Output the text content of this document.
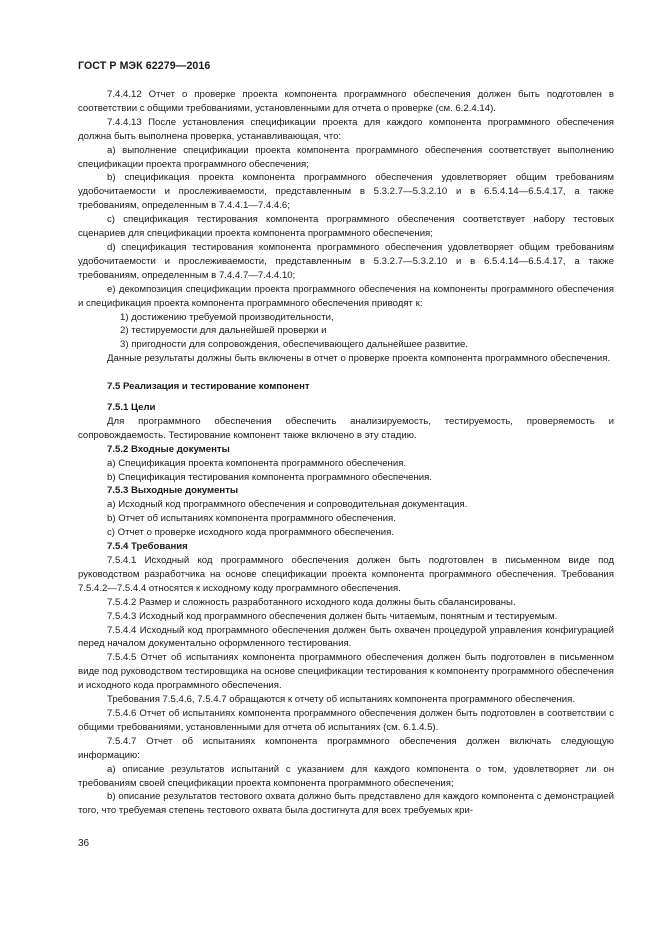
ГОСТ Р МЭК 62279—2016

7.4.4.12 Отчет о проверке проекта компонента программного обеспечения должен быть подготовлен в соответствии с общими требованиями, установленными для отчета о проверке (см. 6.2.4.14).

7.4.4.13 После установления спецификации проекта для каждого компонента программного обеспечения должна быть выполнена проверка, устанавливающая, что:

a) выполнение спецификации проекта компонента программного обеспечения соответствует выполнению спецификации проекта программного обеспечения;

b) спецификация проекта компонента программного обеспечения удовлетворяет общим требованиям удобочитаемости и прослеживаемости, представленным в 5.3.2.7—5.3.2.10 и в 6.5.4.14—6.5.4.17, а также требованиям, определенным в 7.4.4.1—7.4.4.6;

c) спецификация тестирования компонента программного обеспечения соответствует набору тестовых сценариев для спецификации проекта компонента программного обеспечения;

d) спецификация тестирования компонента программного обеспечения удовлетворяет общим требованиям удобочитаемости и прослеживаемости, представленным в 5.3.2.7—5.3.2.10 и в 6.5.4.14—6.5.4.17, а также требованиям, определенным в 7.4.4.7—7.4.4.10;

e) декомпозиция спецификации проекта программного обеспечения на компоненты программного обеспечения и спецификация проекта компонента программного обеспечения приводят к:

1) достижению требуемой производительности,

2) тестируемости для дальнейшей проверки и

3) пригодности для сопровождения, обеспечивающего дальнейшее развитие.

Данные результаты должны быть включены в отчет о проверке проекта компонента программного обеспечения.

7.5 Реализация и тестирование компонент

7.5.1 Цели

Для программного обеспечения обеспечить анализируемость, тестируемость, проверяемость и сопровождаемость. Тестирование компонент также включено в эту стадию.

7.5.2 Входные документы

a) Спецификация проекта компонента программного обеспечения.

b) Спецификация тестирования компонента программного обеспечения.

7.5.3 Выходные документы

a) Исходный код программного обеспечения и сопроводительная документация.

b) Отчет об испытаниях компонента программного обеспечения.

c) Отчет о проверке исходного кода программного обеспечения.

7.5.4 Требования

7.5.4.1 Исходный код программного обеспечения должен быть подготовлен в письменном виде под руководством разработчика на основе спецификации проекта компонента программного обеспечения. Требования 7.5.4.2—7.5.4.4 относятся к исходному коду программного обеспечения.

7.5.4.2 Размер и сложность разработанного исходного кода должны быть сбалансированы.

7.5.4.3 Исходный код программного обеспечения должен быть читаемым, понятным и тестируемым.

7.5.4.4 Исходный код программного обеспечения должен быть охвачен процедурой управления конфигурацией перед началом документально оформленного тестирования.

7.5.4.5 Отчет об испытаниях компонента программного обеспечения должен быть подготовлен в письменном виде под руководством тестировщика на основе спецификации тестирования к компоненту программного обеспечения и исходного кода программного обеспечения.

Требования 7.5.4.6, 7.5.4.7 обращаются к отчету об испытаниях компонента программного обеспечения.

7.5.4.6 Отчет об испытаниях компонента программного обеспечения должен быть подготовлен в соответствии с общими требованиями, установленными для отчета об испытаниях (см. 6.1.4.5).

7.5.4.7 Отчет об испытаниях компонента программного обеспечения должен включать следующую информацию:

a) описание результатов испытаний с указанием для каждого компонента о том, удовлетворяет ли он требованиям своей спецификации проекта компонента программного обеспечения;

b) описание результатов тестового охвата должно быть представлено для каждого компонента с демонстрацией того, что требуемая степень тестового охвата была достигнута для всех требуемых кри-

36
